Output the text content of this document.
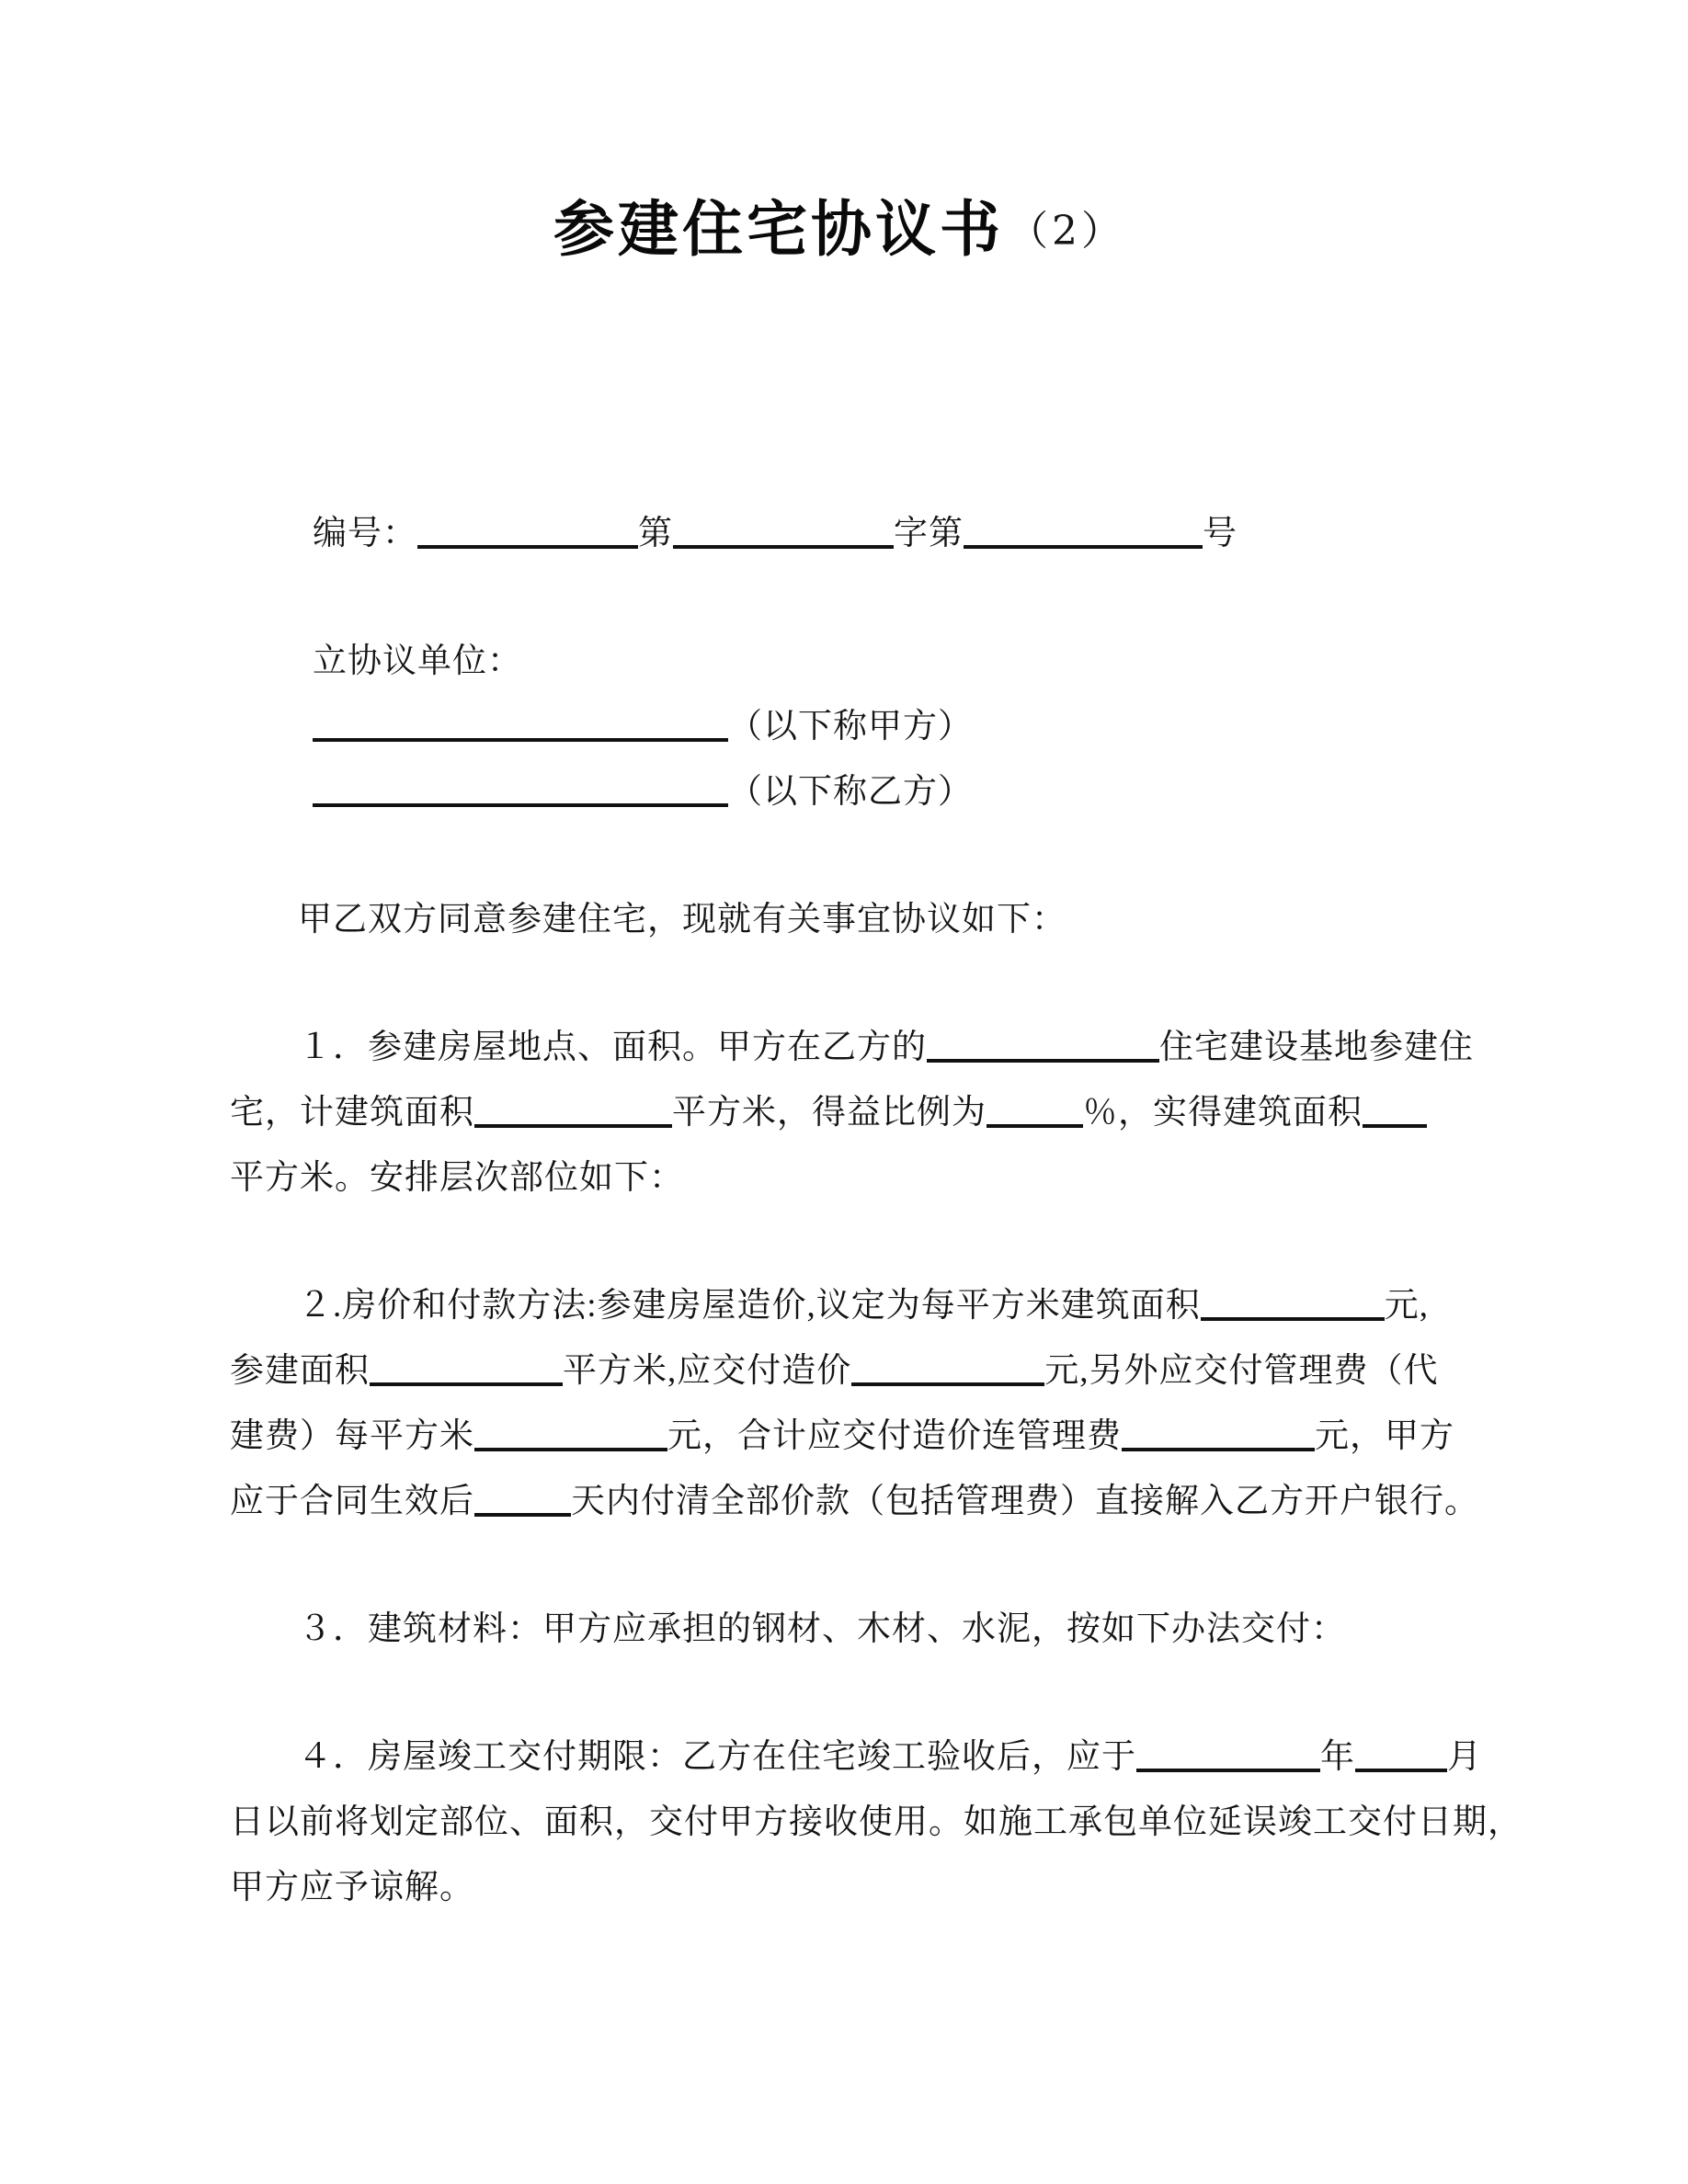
参建住宅协议书 （2）
编号：	第	字第	号
立协议单位：
（以下称甲方）
（以下称乙方）
甲乙双方同意参建住宅，现就有关事宜协议如下：
１．参建房屋地点、面积。甲方在乙方的	住宅建设基地参建住
宅，计建筑面积	平方米，得益比例为	％，实得建筑面积
平方米。安排层次部位如下：
２.房价和付款方法:参建房屋造价,议定为每平方米建筑面积	元,
参建面积	平方米,应交付造价	元,另外应交付管理费（代
建费）每平方米	元，合计应交付造价连管理费	元，甲方
应于合同生效后	天内付清全部价款（包括管理费）直接解入乙方开户银行。
３．建筑材料：甲方应承担的钢材、木材、水泥，按如下办法交付：
４．房屋竣工交付期限：乙方在住宅竣工验收后，应于	年	月
日以前将划定部位、面积，交付甲方接收使用。如施工承包单位延误竣工交付日期，
甲方应予谅解。
